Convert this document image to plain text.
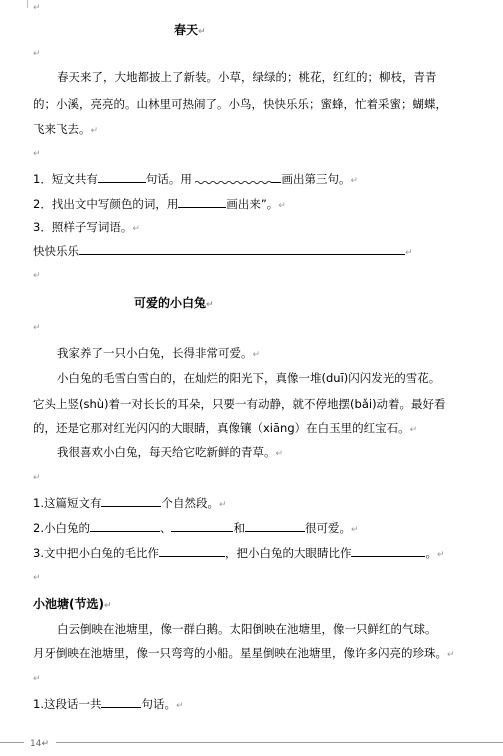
↵
春天↵
↵
春天来了，大地都披上了新装。小草，绿绿的；桃花，红红的；柳枝，青青
的；小溪，亮亮的。山林里可热闹了。小鸟，快快乐乐；蜜蜂，忙着采蜜；蝴蝶，
飞来飞去。↵
↵
1．短文共有	句话。用	画出第三句。↵
2．找出文中写颜色的词，用	画出来”。↵
3．照样子写词语。↵
快快乐乐	↵
↵
可爱的小白兔↵
↵
我家养了一只小白兔，长得非常可爱。↵
小白兔的毛雪白雪白的，在灿烂的阳光下，真像一堆(duī)闪闪发光的雪花。
它头上竖(shù)着一对长长的耳朵，只要一有动静，就不停地摆(bǎi)动着。最好看
的，还是它那对红光闪闪的大眼睛，真像镶（xiāng）在白玉里的红宝石。↵
我很喜欢小白兔，每天给它吃新鲜的青草。↵
↵
1.这篇短文有	个自然段。↵
2.小白兔的	、	和	很可爱。↵
3.文中把小白兔的毛比作	，把小白兔的大眼睛比作	。↵
↵
小池塘(节选)↵
白云倒映在池塘里，像一群白鹅。太阳倒映在池塘里，像一只鲜红的气球。
月牙倒映在池塘里，像一只弯弯的小船。星星倒映在池塘里，像许多闪亮的珍珠。↵
↵
1.这段话一共	句话。↵
14↵
